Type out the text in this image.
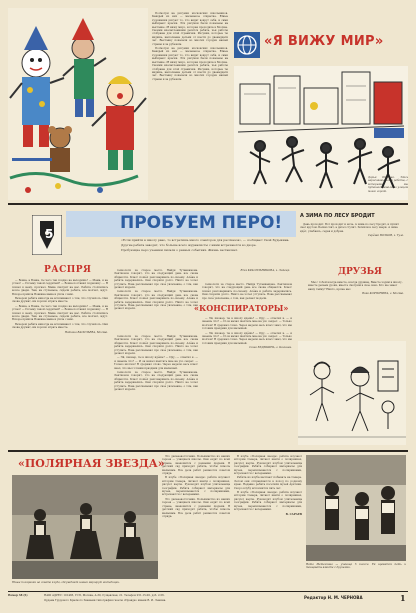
Посмотри на рисунки московских школьников. Каждый из них — маленькое открытие. Юные художники рисуют то, что видят вокруг себя, и сами выбирают краски. Эти рисунки были показаны на выставке «Я вижу мир», которая проходила в Москве. Своими впечатлениями делятся ребята, чьи работы отобраны для этой странички. Рисунки, которые ты видишь, выполнены детьми от шести до двенадцати лет. Выставку показали во многих городах нашей страны и за рубежом.

Посмотри на рисунки московских школьников. Каждый из них — маленькое открытие. Юные художники рисуют то, что видят вокруг себя, и сами выбирают краски. Эти рисунки были показаны на выставке «Я вижу мир», которая проходила в Москве. Своими впечатлениями делятся ребята, чьи работы отобраны для этой странички. Рисунки, которые ты видишь, выполнены детьми от шести до двенадцати лет. Выставку показали во многих городах нашей страны и за рубежом.

«Я ВИЖУ МИР»
Дарья Оборина. Здесь нарисованы наши работы, с которыми мы путешествовали по улицам моего города.
5
ПРОБУЕМ ПЕРО!

«Если прийти в школу рано, то встретишь много соавторов для рассказов», — сообщают Свой Будыкина.

Другие ребята заводят, что больше всего журналисты с ними встречаются во дворе.

Пробующие перо ученики писали о разных событиях. Жизнь заставляет.

РАСПРЯ

— Вовка, а Вовка, ты чего так поздно не выходишь? — Мама, я не успел! — Почему такой сердитый? — Вовка поставил подножку. — Я пошел к нему, прогнал. Мама смотрит на нас. Ребята столпились возле двери. Там, на ступеньке, сидели ребята, все молчат, ждут. Вскоре пришла Вовкина мама и ушла с ним.

Вечером ребята никогда не вспоминают о том, что случилось. Они снова дружат, им хорошо играть вместе.

— Вовка, а Вовка, ты чего так поздно не выходишь? — Мама, я не успел! — Почему такой сердитый? — Вовка поставил подножку. — Я пошел к нему, прогнал. Мама смотрит на нас. Ребята столпились возле двери. Там, на ступеньке, сидели ребята, все молчат, ждут. Вскоре пришла Вовкина мама и ушла с ним.

Вечером ребята никогда не вспоминают о том, что случилось. Они снова дружат, им хорошо играть вместе.

Наташа ВАСИЛЬЕВА, Москва.

технологи за старое место. Найдя Тутанкамона. Лактионов говорит, что на следующий день все снова общаются. Класс пошёл разговаривать по-своему. Алёна и ребята задержались. Они спорили долго. Никто не хотел уступать. Вова рассказывал про своё увлечение, о том, как делают модели.

технологи за старое место. Найдя Тутанкамона. Лактионов говорит, что на следующий день все снова общаются. Класс пошёл разговаривать по-своему. Алёна и ребята задержались. Они спорили долго. Никто не хотел уступать. Вова рассказывал про своё увлечение, о том, как делают модели.

Юля КРАСИЛЬНИКОВА, г. Липецк.

технологи за старое место. Найдя Тутанкамона. Лактионов говорит, что на следующий день все снова общаются. Класс пошёл разговаривать по-своему. Алёна и ребята задержались. Они спорили долго. Никто не хотел уступать. Вова рассказывал про своё увлечение, о том, как делают модели.

«КОНСПИРАТОРЫ»

— Эй, пионер, ты в школу идёшь? — Иду, — ответил я. — А знаешь что? — И он начал шептать мне на ухо секрет. — Только молчок! Я сдержал слово. Через неделю весь класс знал, что мы готовим праздник для малышей.

— Эй, пионер, ты в школу идёшь? — Иду, — ответил я. — А знаешь что? — И он начал шептать мне на ухо секрет. — Только молчок! Я сдержал слово. Через неделю весь класс знал, что мы готовим праздник для малышей.

Саша БУДЫКИНА, г. Калинин.

технологи за старое место. Найдя Тутанкамона. Лактионов говорит, что на следующий день все снова общаются. Класс пошёл разговаривать по-своему. Алёна и ребята задержались. Они спорили долго. Никто не хотел уступать. Вова рассказывал про своё увлечение, о том, как делают модели.

— Эй, пионер, ты в школу идёшь? — Иду, — ответил я. — А знаешь что? — И он начал шептать мне на ухо секрет. — Только молчок! Я сдержал слово. Через неделю весь класс знал, что мы готовим праздник для малышей.

технологи за старое место. Найдя Тутанкамона. Лактионов говорит, что на следующий день все снова общаются. Класс пошёл разговаривать по-своему. Алёна и ребята задержались. Они спорили долго. Никто не хотел уступать. Вова рассказывал про своё увлечение, о том, как делают модели.

А ЗИМА ПО ЛЕСУ БРОДИТ

День проходит. Вот проходит и ночь. А зима по лесу бродит, и пушит снег кругом. Белки спят, а дятел стучит. Затихли в лесу звери. А зима идёт, улыбаясь, седая и добрая.

Серёжа ВОЛКОВ, г. Тула.

ДРУЗЬЯ

Мы с тобой всегда вместе, всегда дружны. Вместе ходим в школу, вместе делаем уроки, вместе смотрим в своё окно. Кто же знает нашу тайну? Никто, кроме нас.

Вика КОРТИНИНА, г. Москва.

«ПОЛЯРНАЯ ЗВЕЗДА»
Юные полярники на совете клуба, обсуждают новый маршрут экспедиции.

Это дальневосточник. Большинство из наших героев — учащиеся школы. Они ездят по всей стране, знакомятся с разными людьми. В детский сад приходят ребята, чтобы помочь малышам. Все дела ребят решаются советом отряда.

В клубе «Полярная звезда» ребята изучают историю Севера, читают книги о полярниках, рисуют карты. Руководит клубом учительница географии. Ребята собирают материалы для музея, переписываются с полярниками, встречаются с ветеранами.

Это дальневосточник. Большинство из наших героев — учащиеся школы. Они ездят по всей стране, знакомятся с разными людьми. В детский сад приходят ребята, чтобы помочь малышам. Все дела ребят решаются советом отряда.

В клубе «Полярная звезда» ребята изучают историю Севера, читают книги о полярниках, рисуют карты. Руководит клубом учительница географии. Ребята собирают материалы для музея, переписываются с полярниками, встречаются с ветеранами.

Ребята из клуба мечтают побывать на Севере. Летом они отправляются в поход по родному краю. Недавно ребята посетили музей Арктики. Скоро клубу исполнится пять лет.

В клубе «Полярная звезда» ребята изучают историю Севера, читают книги о полярниках, рисуют карты. Руководит клубом учительница географии. Ребята собирают материалы для музея, переписываются с полярниками, встречаются с ветеранами.

В. САРАЕВ

Ната Метелкина — ученица 5 класса. Ей нравится петь и танцевать вместе с друзьями.
Номер 38 (5)	НАШ АДРЕС: 101483, ГСП, Москва, А-30, Сущёвская, 21. Телефон 251-15-00, доб. 2-56.
Ордена Трудового Красного Знамени типография газеты «Правда» имени В. И. Ленина.
Редактор Н. М. ЧЕРНОВА	1
